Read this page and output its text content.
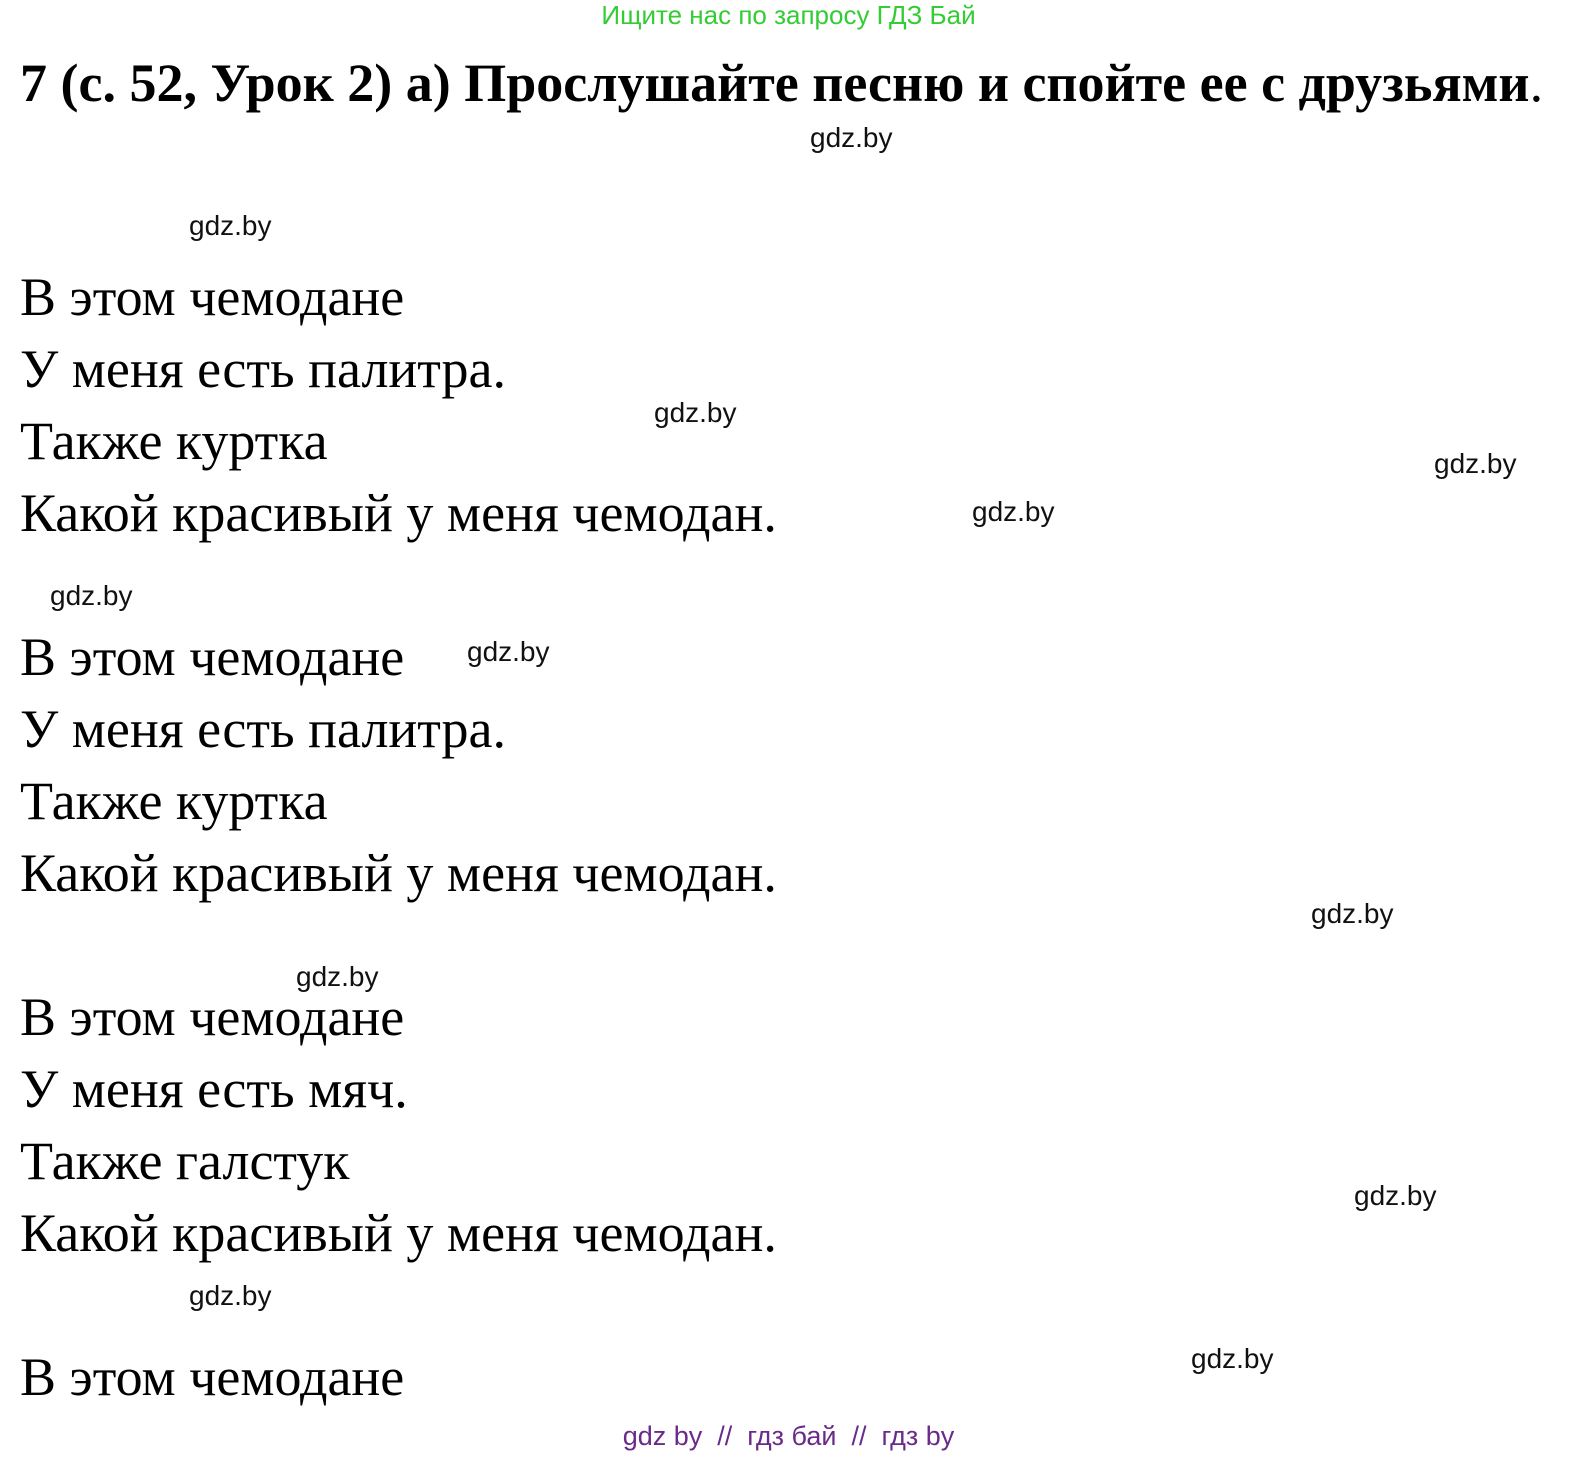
Ищите нас по запросу ГДЗ Бай
7 (с. 52, Урок 2) а) Прослушайте песню и спойте ее с друзьями.

В этом чемодане

У меня есть палитра.

Также куртка

Какой красивый у меня чемодан.

В этом чемодане

У меня есть палитра.

Также куртка

Какой красивый у меня чемодан.

В этом чемодане

У меня есть мяч.

Также галстук

Какой красивый у меня чемодан.

В этом чемодане

gdz.by
gdz.by
gdz.by
gdz.by
gdz.by
gdz.by
gdz.by
gdz.by
gdz.by
gdz.by
gdz.by
gdz.by
gdz by  //  гдз бай  //  гдз by
